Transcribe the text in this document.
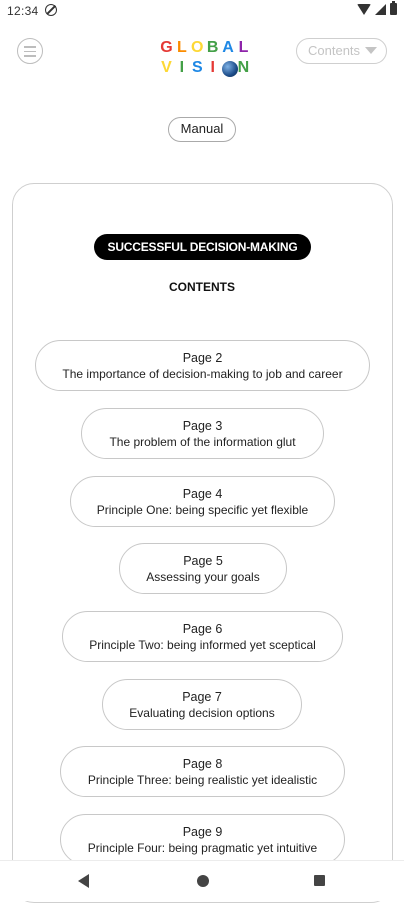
12:34
G L O B A L
V I S I N
Contents
Manual
SUCCESSFUL DECISION-MAKING
CONTENTS
Page 2
The importance of decision-making to job and career
Page 3
The problem of the information glut
Page 4
Principle One: being specific yet flexible
Page 5
Assessing your goals
Page 6
Principle Two: being informed yet sceptical
Page 7
Evaluating decision options
Page 8
Principle Three: being realistic yet idealistic
Page 9
Principle Four: being pragmatic yet intuitive
